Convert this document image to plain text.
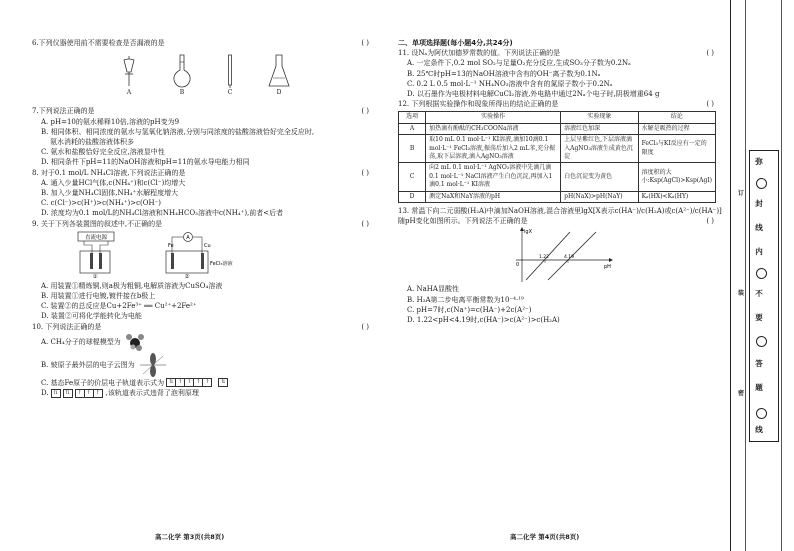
6.下列仪器使用前不需要检查是否漏液的是	( )
A	B	C	D
7.下列说法正确的是	( )
A. pH=10的氨水稀释10倍,溶液的pH变为9
B. 相同体积、相同浓度的氨水与氢氧化钠溶液,分别与同浓度的盐酸溶液恰好完全反应时,
氨水消耗的盐酸溶液体积多
C. 氨水和盐酸恰好完全反应,溶液显中性
D. 相同条件下pH=11的NaOH溶液和pH=11的氨水导电能力相同
8. 对于0.1 mol/L NH₄Cl溶液,下列说法正确的是	( )
A. 通入少量HCl气体,c(NH₄⁺)和c(Cl⁻)均增大
B. 加入少量NH₄Cl固体,NH₄⁺水解程度增大
C. c(Cl⁻)>c(H⁺)>c(NH₄⁺)>c(OH⁻)
D. 浓度均为0.1 mol/L的NH₄Cl溶液和NH₄HCO₃溶液中c(NH₄⁺),前者<后者
9. 关于下列各装置图的叙述中,不正确的是	( )
直流电源
①
A
Fe	Cu
FeCl₃溶液
②
A. 用装置①精炼铜,则a极为粗铜,电解质溶液为CuSO₄溶液
B. 用装置①进行电镀,镀件接在b极上
C. 装置②的总反应是Cu+2Fe³⁺ ══ Cu²⁺+2Fe²⁺
D. 装置②可将化学能转化为电能
10. 下列说法正确的是	( )
A. CH₄分子的球棍模型为
B. 铍原子最外层的电子云图为
C. 基态Fe原子的价层电子轨道表示式为 ⇅ ↑ ↑ ↑ ↑	⇅
D. ⇅	⇅	↑ ↑ ↑ ,该轨道表示式违背了泡利原理
二、单项选择题(每小题4分,共24分)
11. 设Nₐ为阿伏加德罗常数的值。下列说法正确的是	( )
A. 一定条件下,0.2 mol SO₂与足量O₂充分反应,生成SO₃分子数为0.2Nₐ
B. 25℃时pH=13的NaOH溶液中含有的OH⁻离子数为0.1Nₐ
C. 0.2 L 0.5 mol·L⁻¹ NH₄NO₃溶液中含有的氮原子数小于0.2Nₐ
D. 以石墨作为电极材料电解CuCl₂溶液,外电路中通过2Nₐ个电子时,阴极增重64 g
12. 下列根据实验操作和现象所得出的结论正确的是	( )
选项	实验操作	实验现象	结论
A	加热滴有酚酞的CH₃COONa溶液	溶液红色加深	水解是吸热的过程
B	取10 mL 0.1 mol·L⁻¹ KI溶液,滴加10滴0.1 mol·L⁻¹ FeCl₃溶液,振荡后加入2 mL苯,充分振荡,取下层溶液,滴入AgNO₃溶液	上层呈紫红色,下层溶液滴入AgNO₃溶液生成黄色沉淀	FeCl₃与KI反应有一定的限度
C	向2 mL 0.1 mol·L⁻¹ AgNO₃溶液中先滴几滴0.1 mol·L⁻¹ NaCl溶液产生白色沉淀,再加入1滴0.1 mol·L⁻¹ KI溶液	白色沉淀变为黄色	溶度积的大小:Ksp(AgCl)>Ksp(AgI)
D	测定NaX和NaY溶液的pH	pH(NaX)>pH(NaY)	Kₐ(HX)<Kₐ(HY)
13. 常温下向二元弱酸(H₂A)中滴加NaOH溶液,混合溶液里lgX[X表示c(HA⁻)/c(H₂A)或c(A²⁻)/c(HA⁻)]
随pH变化如图所示。下列说法不正确的是	( )
lgX
pH
0
1.22	4.19
A. NaHA显酸性
B. H₂A第二步电离平衡常数为10⁻⁴·¹⁹
C. pH=7时,c(Na⁺)=c(HA⁻)+2c(A²⁻)
D. 1.22<pH<4.19时,c(HA⁻)>c(A²⁻)>c(H₂A)
高二化学 第3页(共8页)	高二化学 第4页(共8页)
弥
封
线
内
不
要
答
题
线
订
装
密
